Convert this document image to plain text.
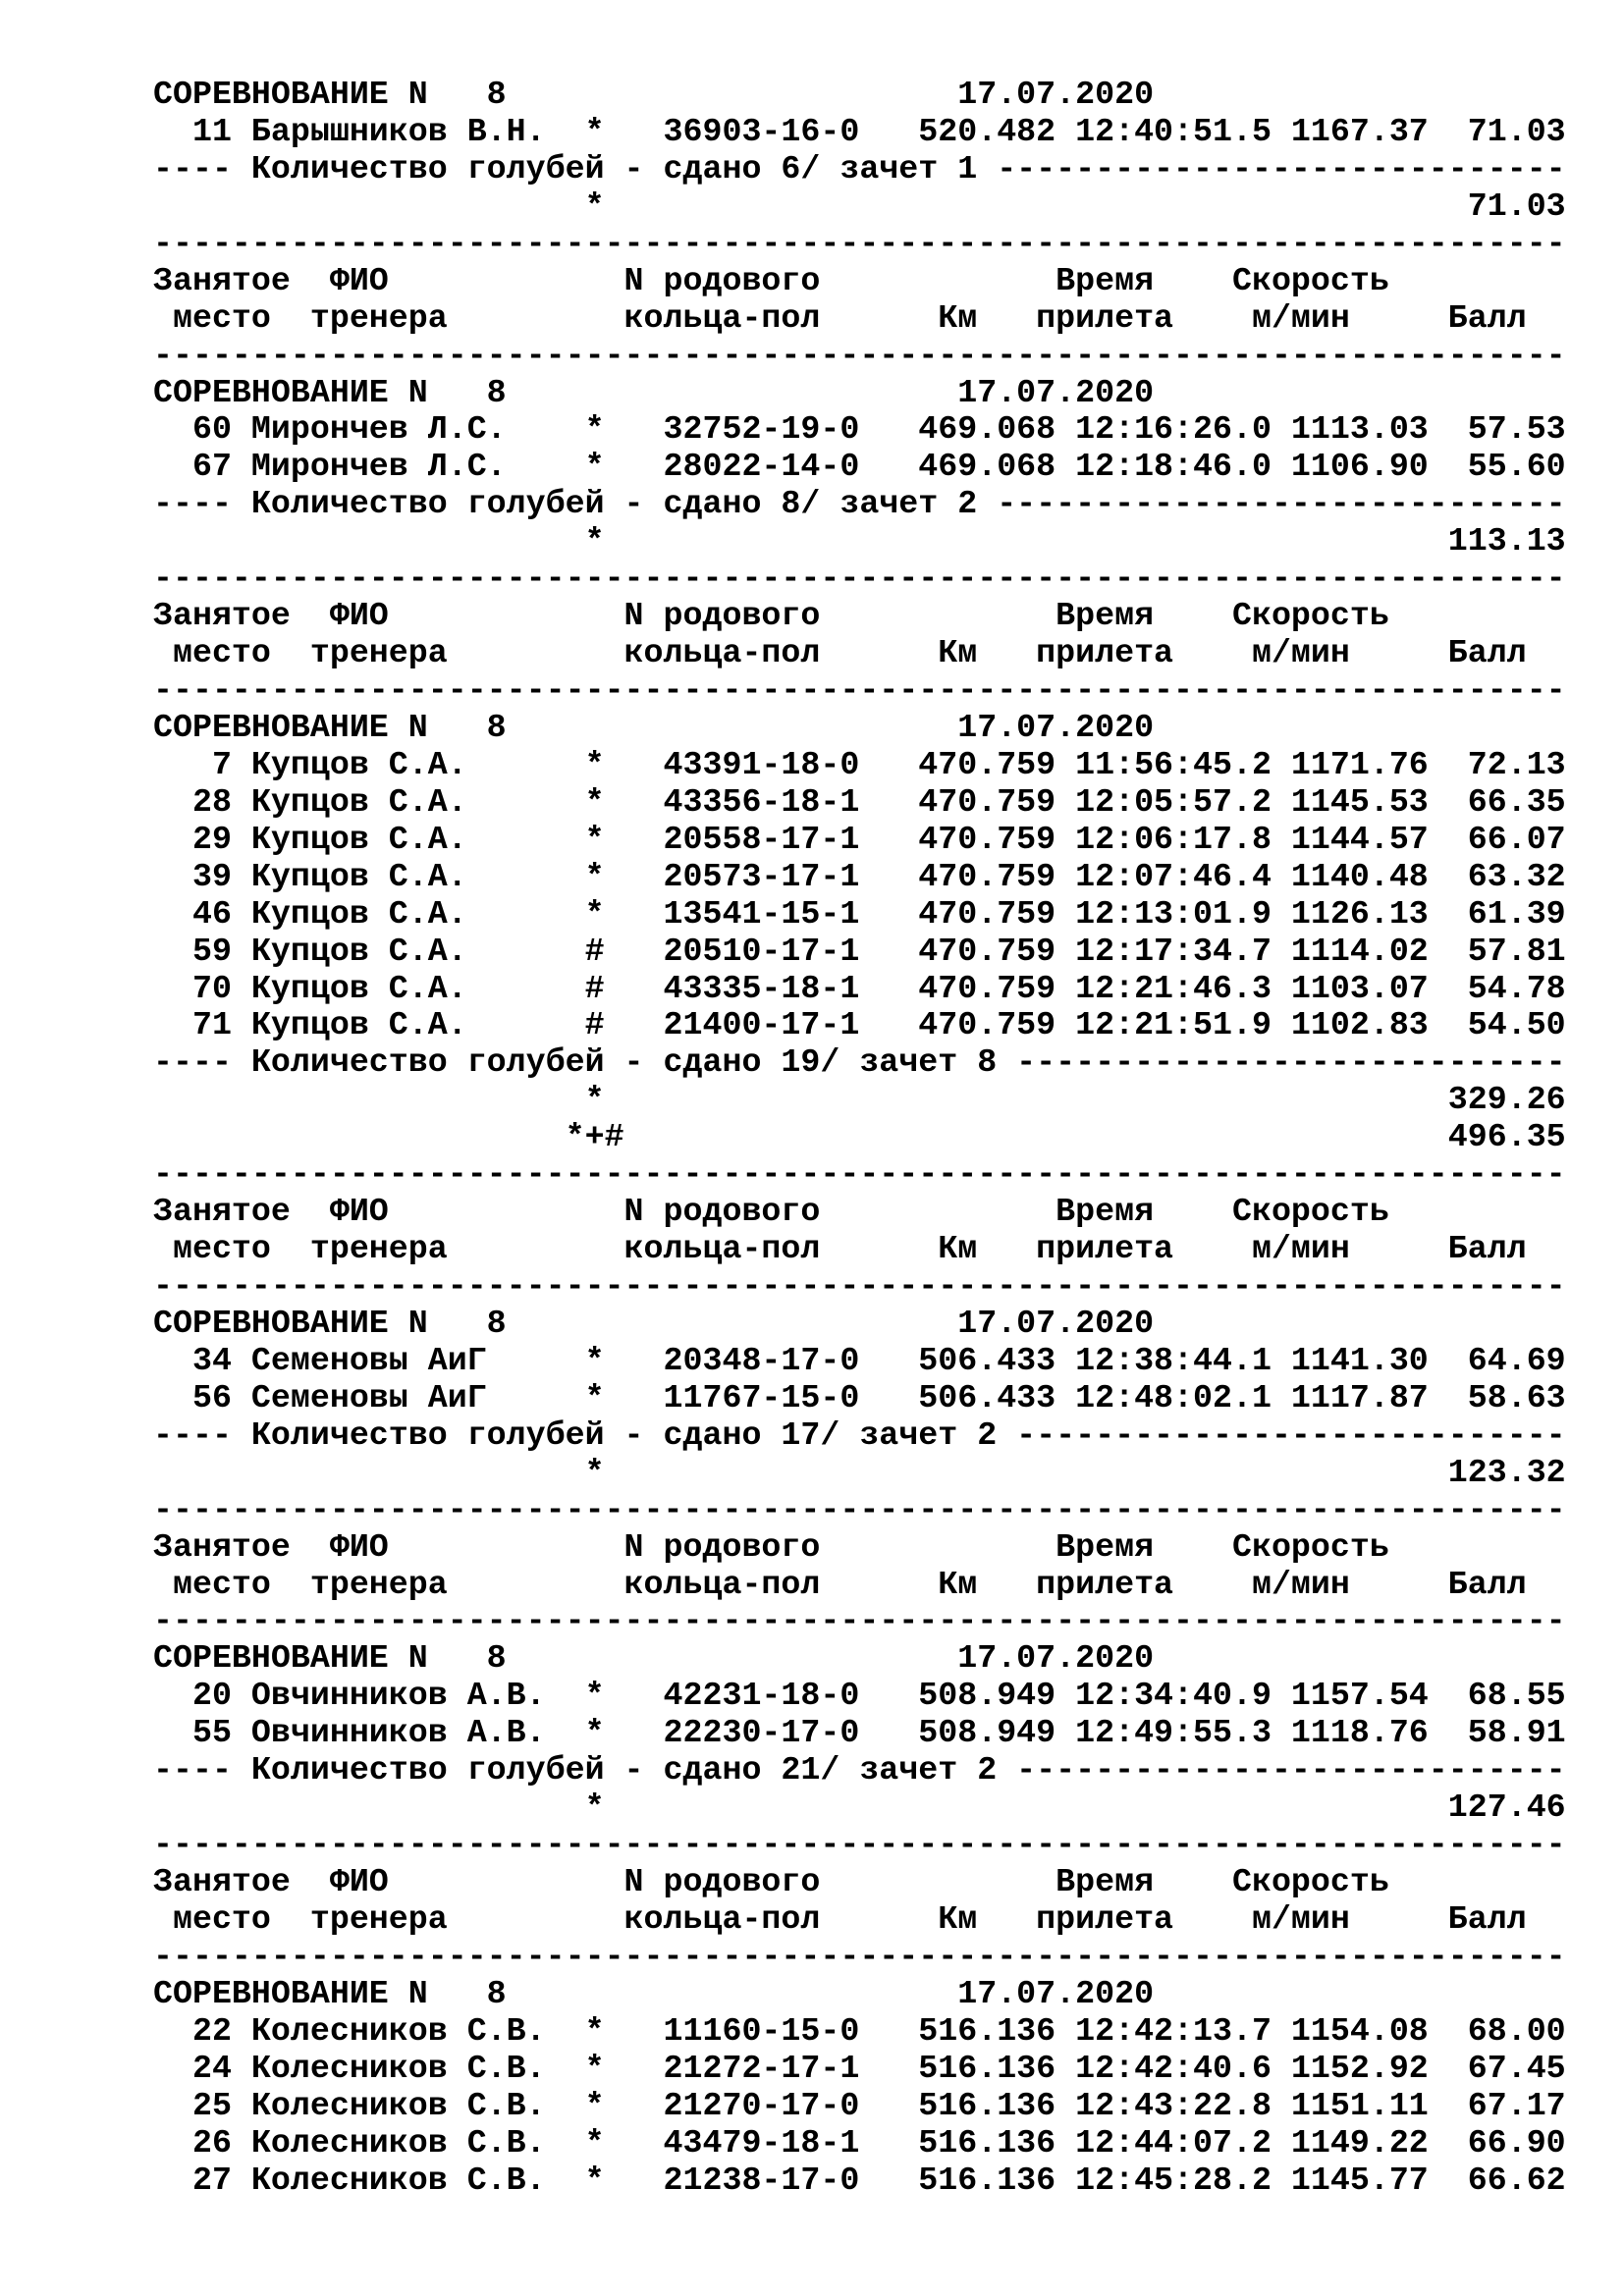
СОРЕВНОВАНИЕ N   8                       17.07.2020
11 Барышников В.Н.  *   36903-16-0   520.482 12:40:51.5 1167.37  71.03
---- Количество голубей - сдано 6/ зачет 1 -----------------------------
*                                            71.03
------------------------------------------------------------------------
Занятое  ФИО            N родового            Время    Скорость
место  тренера         кольца-пол      Км   прилета    м/мин     Балл
------------------------------------------------------------------------
СОРЕВНОВАНИЕ N   8                       17.07.2020
60 Мирончев Л.С.    *   32752-19-0   469.068 12:16:26.0 1113.03  57.53
67 Мирончев Л.С.    *   28022-14-0   469.068 12:18:46.0 1106.90  55.60
---- Количество голубей - сдано 8/ зачет 2 -----------------------------
*                                           113.13
------------------------------------------------------------------------
Занятое  ФИО            N родового            Время    Скорость
место  тренера         кольца-пол      Км   прилета    м/мин     Балл
------------------------------------------------------------------------
СОРЕВНОВАНИЕ N   8                       17.07.2020
7 Купцов С.А.      *   43391-18-0   470.759 11:56:45.2 1171.76  72.13
28 Купцов С.А.      *   43356-18-1   470.759 12:05:57.2 1145.53  66.35
29 Купцов С.А.      *   20558-17-1   470.759 12:06:17.8 1144.57  66.07
39 Купцов С.А.      *   20573-17-1   470.759 12:07:46.4 1140.48  63.32
46 Купцов С.А.      *   13541-15-1   470.759 12:13:01.9 1126.13  61.39
59 Купцов С.А.      #   20510-17-1   470.759 12:17:34.7 1114.02  57.81
70 Купцов С.А.      #   43335-18-1   470.759 12:21:46.3 1103.07  54.78
71 Купцов С.А.      #   21400-17-1   470.759 12:21:51.9 1102.83  54.50
---- Количество голубей - сдано 19/ зачет 8 ----------------------------
*                                           329.26
*+#                                          496.35
------------------------------------------------------------------------
Занятое  ФИО            N родового            Время    Скорость
место  тренера         кольца-пол      Км   прилета    м/мин     Балл
------------------------------------------------------------------------
СОРЕВНОВАНИЕ N   8                       17.07.2020
34 Семеновы АиГ     *   20348-17-0   506.433 12:38:44.1 1141.30  64.69
56 Семеновы АиГ     *   11767-15-0   506.433 12:48:02.1 1117.87  58.63
---- Количество голубей - сдано 17/ зачет 2 ----------------------------
*                                           123.32
------------------------------------------------------------------------
Занятое  ФИО            N родового            Время    Скорость
место  тренера         кольца-пол      Км   прилета    м/мин     Балл
------------------------------------------------------------------------
СОРЕВНОВАНИЕ N   8                       17.07.2020
20 Овчинников А.В.  *   42231-18-0   508.949 12:34:40.9 1157.54  68.55
55 Овчинников А.В.  *   22230-17-0   508.949 12:49:55.3 1118.76  58.91
---- Количество голубей - сдано 21/ зачет 2 ----------------------------
*                                           127.46
------------------------------------------------------------------------
Занятое  ФИО            N родового            Время    Скорость
место  тренера         кольца-пол      Км   прилета    м/мин     Балл
------------------------------------------------------------------------
СОРЕВНОВАНИЕ N   8                       17.07.2020
22 Колесников С.В.  *   11160-15-0   516.136 12:42:13.7 1154.08  68.00
24 Колесников С.В.  *   21272-17-1   516.136 12:42:40.6 1152.92  67.45
25 Колесников С.В.  *   21270-17-0   516.136 12:43:22.8 1151.11  67.17
26 Колесников С.В.  *   43479-18-1   516.136 12:44:07.2 1149.22  66.90
27 Колесников С.В.  *   21238-17-0   516.136 12:45:28.2 1145.77  66.62
